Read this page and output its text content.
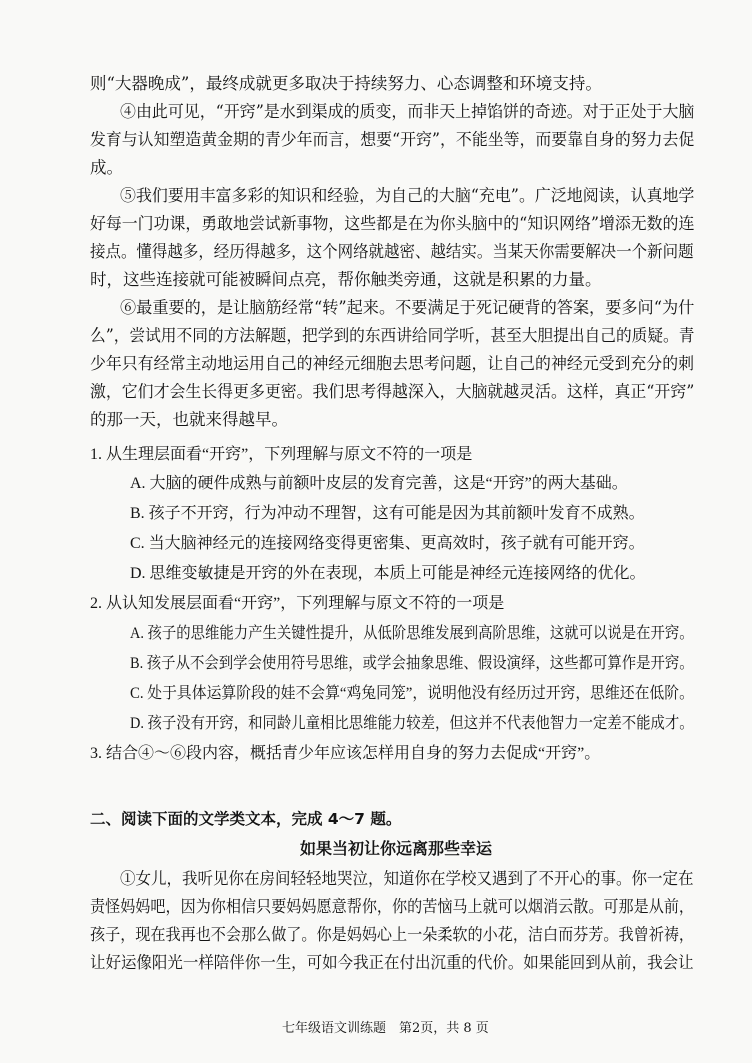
则“大器晚成”，最终成就更多取决于持续努力、心态调整和环境支持。
④由此可见，“开窍”是水到渠成的质变，而非天上掉馅饼的奇迹。对于正处于大脑
发育与认知塑造黄金期的青少年而言，想要“开窍”，不能坐等，而要靠自身的努力去促
成。
⑤我们要用丰富多彩的知识和经验，为自己的大脑“充电”。广泛地阅读，认真地学
好每一门功课，勇敢地尝试新事物，这些都是在为你头脑中的“知识网络”增添无数的连
接点。懂得越多，经历得越多，这个网络就越密、越结实。当某天你需要解决一个新问题
时，这些连接就可能被瞬间点亮，帮你触类旁通，这就是积累的力量。
⑥最重要的，是让脑筋经常“转”起来。不要满足于死记硬背的答案，要多问“为什
么”，尝试用不同的方法解题，把学到的东西讲给同学听，甚至大胆提出自己的质疑。青
少年只有经常主动地运用自己的神经元细胞去思考问题，让自己的神经元受到充分的刺
激，它们才会生长得更多更密。我们思考得越深入，大脑就越灵活。这样，真正“开窍”
的那一天，也就来得越早。
1. 从生理层面看“开窍”，下列理解与原文不符的一项是
A. 大脑的硬件成熟与前额叶皮层的发育完善，这是“开窍”的两大基础。
B. 孩子不开窍，行为冲动不理智，这有可能是因为其前额叶发育不成熟。
C. 当大脑神经元的连接网络变得更密集、更高效时，孩子就有可能开窍。
D. 思维变敏捷是开窍的外在表现，本质上可能是神经元连接网络的优化。
2. 从认知发展层面看“开窍”，下列理解与原文不符的一项是
A. 孩子的思维能力产生关键性提升，从低阶思维发展到高阶思维，这就可以说是在开窍。
B. 孩子从不会到学会使用符号思维，或学会抽象思维、假设演绎，这些都可算作是开窍。
C. 处于具体运算阶段的娃不会算“鸡兔同笼”，说明他没有经历过开窍，思维还在低阶。
D. 孩子没有开窍，和同龄儿童相比思维能力较差，但这并不代表他智力一定差不能成才。
3. 结合④～⑥段内容，概括青少年应该怎样用自身的努力去促成“开窍”。
二、阅读下面的文学类文本，完成 4～7 题。
如果当初让你远离那些幸运
①女儿，我听见你在房间轻轻地哭泣，知道你在学校又遇到了不开心的事。你一定在
责怪妈妈吧，因为你相信只要妈妈愿意帮你，你的苦恼马上就可以烟消云散。可那是从前，
孩子，现在我再也不会那么做了。你是妈妈心上一朵柔软的小花，洁白而芬芳。我曾祈祷，
让好运像阳光一样陪伴你一生，可如今我正在付出沉重的代价。如果能回到从前，我会让
七年级语文训练题　第2页，共 8 页
